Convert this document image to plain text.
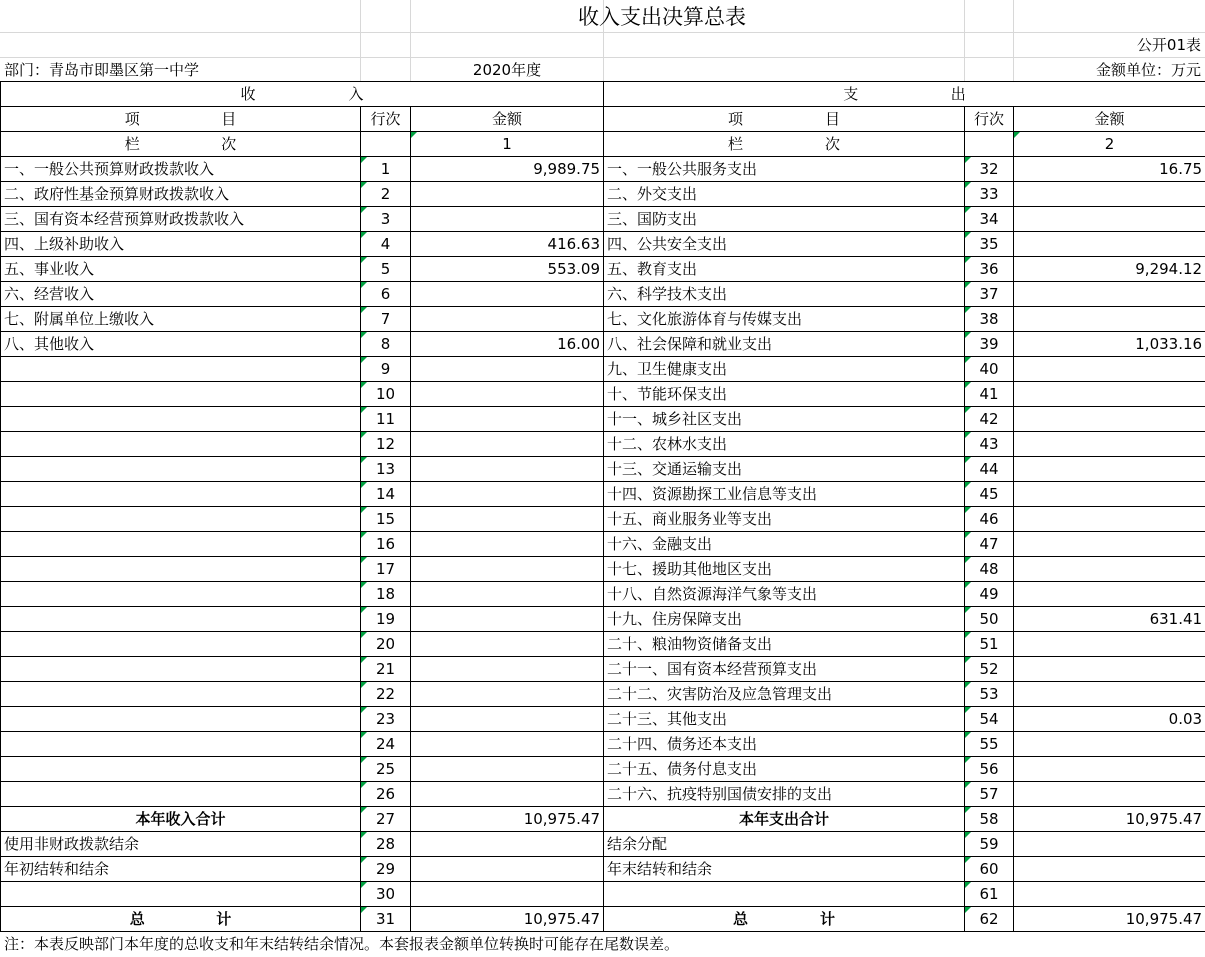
收入支出决算总表
公开01表
部门：青岛市即墨区第一中学	2020年度	金额单位：万元
收 入			支 出		

项 目	行次	金额	项 目	行次	金额

栏 次		1	栏 次		2
一、一般公共预算财政拨款收入	1	9,989.75	一、一般公共服务支出	32	16.75
二、政府性基金预算财政拨款收入	2		二、外交支出	33	
三、国有资本经营预算财政拨款收入	3		三、国防支出	34	
四、上级补助收入	4	416.63	四、公共安全支出	35	
五、事业收入	5	553.09	五、教育支出	36	9,294.12
六、经营收入	6		六、科学技术支出	37	
七、附属单位上缴收入	7		七、文化旅游体育与传媒支出	38	
八、其他收入	8	16.00	八、社会保障和就业支出	39	1,033.16
	9		九、卫生健康支出	40	
	10		十、节能环保支出	41	
	11		十一、城乡社区支出	42	
	12		十二、农林水支出	43	
	13		十三、交通运输支出	44	
	14		十四、资源勘探工业信息等支出	45	
	15		十五、商业服务业等支出	46	
	16		十六、金融支出	47	
	17		十七、援助其他地区支出	48	
	18		十八、自然资源海洋气象等支出	49	
	19		十九、住房保障支出	50	631.41
	20		二十、粮油物资储备支出	51	
	21		二十一、国有资本经营预算支出	52	
	22		二十二、灾害防治及应急管理支出	53	
	23		二十三、其他支出	54	0.03
	24		二十四、债务还本支出	55	
	25		二十五、债务付息支出	56	
	26		二十六、抗疫特别国债安排的支出	57	
本年收入合计	27	10,975.47	本年支出合计	58	10,975.47
使用非财政拨款结余	28		结余分配	59	
年初结转和结余	29		年末结转和结余	60	
	30			61	

总 计	31	10,975.47	总 计	62	10,975.47
注：本表反映部门本年度的总收支和年末结转结余情况。本套报表金额单位转换时可能存在尾数误差。
